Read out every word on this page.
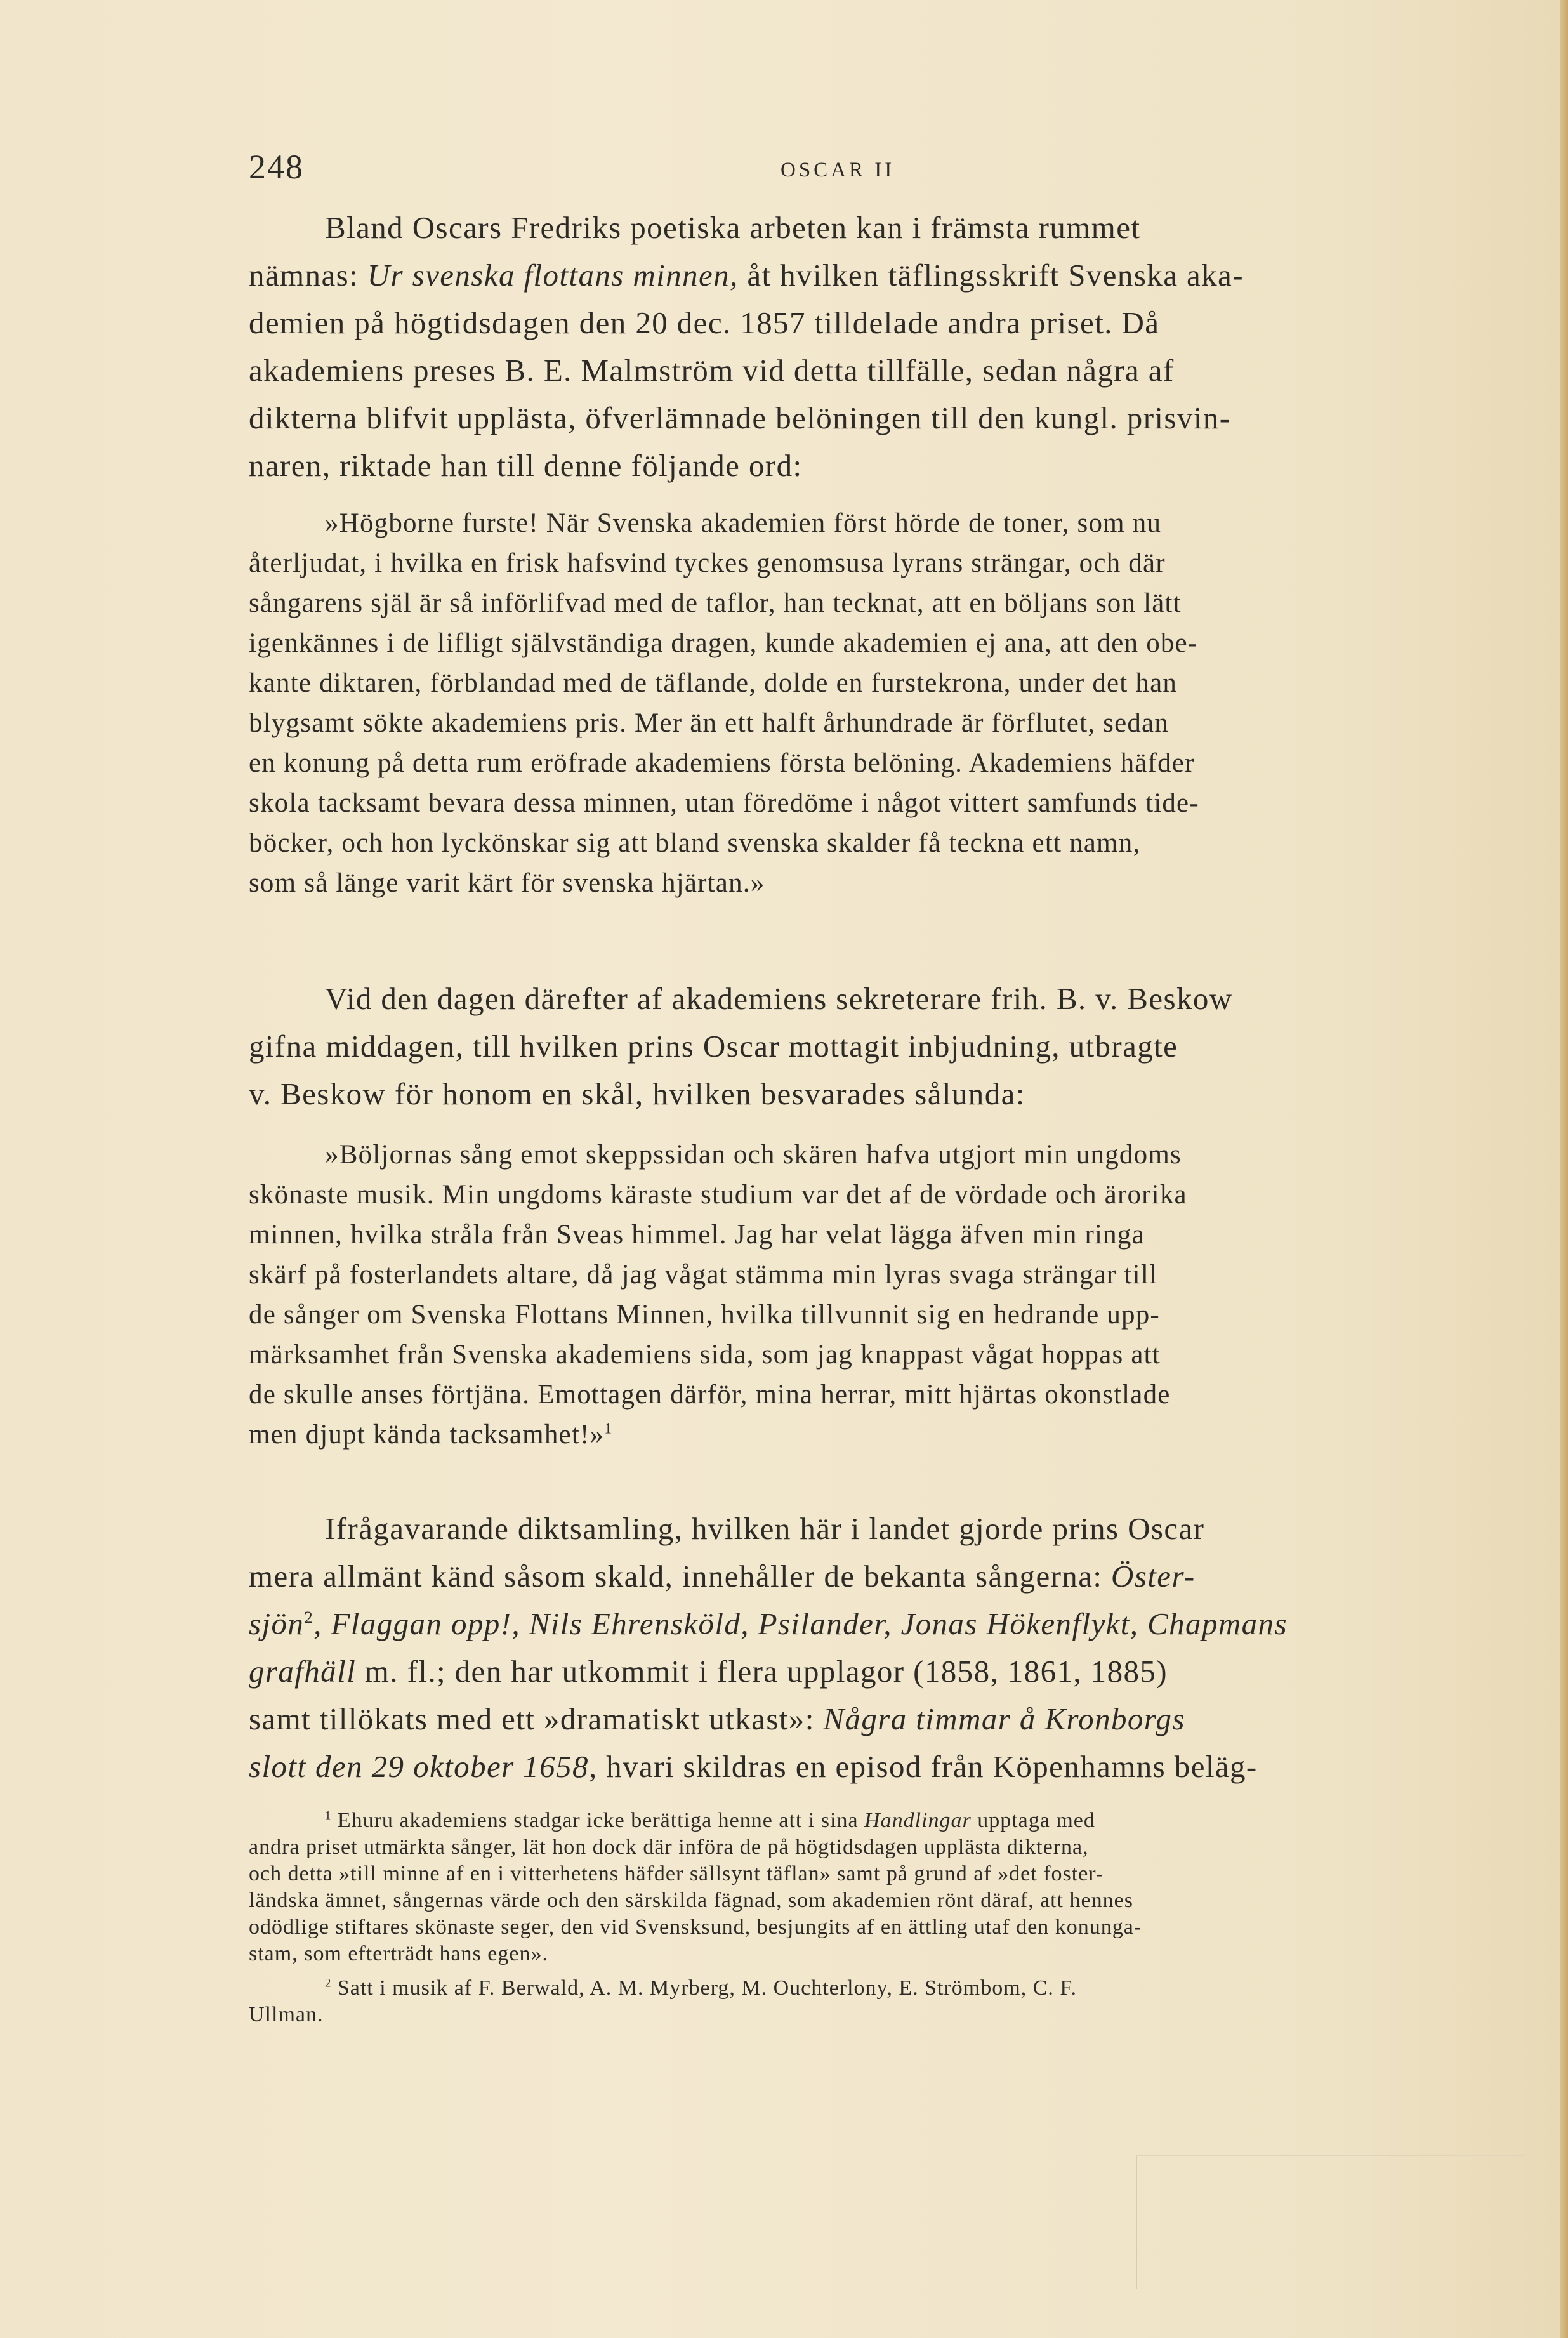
248	OSCAR II
Bland Oscars Fredriks poetiska arbeten kan i främsta rummet
nämnas: Ur svenska flottans minnen, åt hvilken täflingsskrift Svenska aka-
demien på högtidsdagen den 20 dec. 1857 tilldelade andra priset. Då
akademiens preses B. E. Malmström vid detta tillfälle, sedan några af
dikterna blifvit upplästa, öfverlämnade belöningen till den kungl. prisvin-
naren, riktade han till denne följande ord:
»Högborne furste! När Svenska akademien först hörde de toner, som nu
återljudat, i hvilka en frisk hafsvind tyckes genomsusa lyrans strängar, och där
sångarens själ är så införlifvad med de taflor, han tecknat, att en böljans son lätt
igenkännes i de lifligt självständiga dragen, kunde akademien ej ana, att den obe-
kante diktaren, förblandad med de täflande, dolde en furstekrona, under det han
blygsamt sökte akademiens pris. Mer än ett halft århundrade är förflutet, sedan
en konung på detta rum eröfrade akademiens första belöning. Akademiens häfder
skola tacksamt bevara dessa minnen, utan föredöme i något vittert samfunds tide-
böcker, och hon lyckönskar sig att bland svenska skalder få teckna ett namn,
som så länge varit kärt för svenska hjärtan.»
Vid den dagen därefter af akademiens sekreterare frih. B. v. Beskow
gifna middagen, till hvilken prins Oscar mottagit inbjudning, utbragte
v. Beskow för honom en skål, hvilken besvarades sålunda:
»Böljornas sång emot skeppssidan och skären hafva utgjort min ungdoms
skönaste musik. Min ungdoms käraste studium var det af de vördade och ärorika
minnen, hvilka stråla från Sveas himmel. Jag har velat lägga äfven min ringa
skärf på fosterlandets altare, då jag vågat stämma min lyras svaga strängar till
de sånger om Svenska Flottans Minnen, hvilka tillvunnit sig en hedrande upp-
märksamhet från Svenska akademiens sida, som jag knappast vågat hoppas att
de skulle anses förtjäna. Emottagen därför, mina herrar, mitt hjärtas okonstlade
men djupt kända tacksamhet!»$^1$
Ifrågavarande diktsamling, hvilken här i landet gjorde prins Oscar
mera allmänt känd såsom skald, innehåller de bekanta sångerna: Öster-
sjön$^2$, Flaggan opp!, Nils Ehrensköld, Psilander, Jonas Hökenflykt, Chapmans
grafhäll m. fl.; den har utkommit i flera upplagor (1858, 1861, 1885)
samt tillökats med ett »dramatiskt utkast»: Några timmar å Kronborgs
slott den 29 oktober 1658, hvari skildras en episod från Köpenhamns beläg-
$^1$ Ehuru akademiens stadgar icke berättiga henne att i sina Handlingar upptaga med
andra priset utmärkta sånger, lät hon dock där införa de på högtidsdagen upplästa dikterna,
och detta »till minne af en i vitterhetens häfder sällsynt täflan» samt på grund af »det foster-
ländska ämnet, sångernas värde och den särskilda fägnad, som akademien rönt däraf, att hennes
odödlige stiftares skönaste seger, den vid Svensksund, besjungits af en ättling utaf den konunga-
stam, som efterträdt hans egen».
$^2$ Satt i musik af F. Berwald, A. M. Myrberg, M. Ouchterlony, E. Strömbom, C. F.
Ullman.
